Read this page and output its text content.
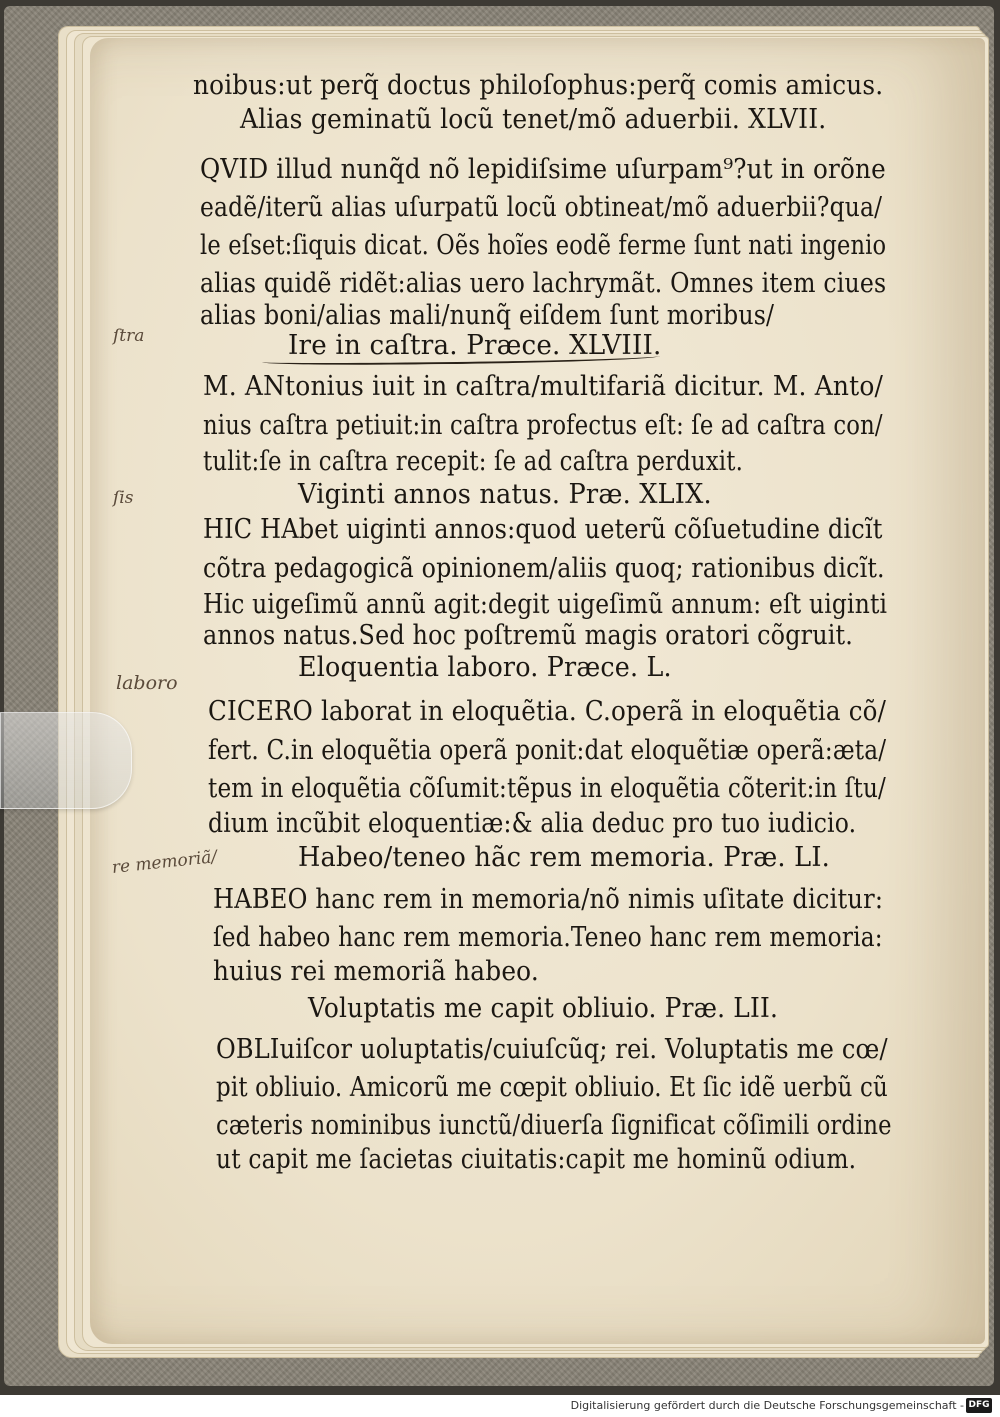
noibus:ut perq̃ doctus philoſophus:perq̃ comis amicus.
Alias geminatũ locũ tenet/mõ aduerbii. XLVII.
QVID illud nunq̃d nõ lepidiſsime uſurpam⁹?ut in orõne
eadẽ/iterũ alias uſurpatũ locũ obtineat/mõ aduerbii?qua/
le eſset:ſiquis dicat. Oẽs hoĩes eodẽ ferme ſunt nati ingenio
alias quidẽ ridẽt:alias uero lachrymãt. Omnes item ciues
alias boni/alias mali/nunq̃ eiſdem ſunt moribus/
Ire in caſtra. Præce. XLVIII.
M. ANtonius iuit in caſtra/multifariã dicitur. M. Anto/
nius caſtra petiuit:in caſtra profectus eſt: ſe ad caſtra con/
tulit:ſe in caſtra recepit: ſe ad caſtra perduxit.
Viginti annos natus. Præ. XLIX.
HIC HAbet uiginti annos:quod ueterũ cõſuetudine dicĩt
cõtra pedagogicã opinionem/aliis quoq; rationibus dicĩt.
Hic uigeſimũ annũ agit:degit uigeſimũ annum: eſt uiginti
annos natus.Sed hoc poſtremũ magis oratori cõgruit.
Eloquentia laboro. Præce. L.
CICERO laborat in eloquẽtia. C.operã in eloquẽtia cõ/
fert. C.in eloquẽtia operã ponit:dat eloquẽtiæ operã:æta/
tem in eloquẽtia cõſumit:tẽpus in eloquẽtia cõterit:in ſtu/
dium incũbit eloquentiæ:& alia deduc pro tuo iudicio.
Habeo/teneo hãc rem memoria. Præ. LI.
HABEO hanc rem in memoria/nõ nimis uſitate dicitur:
ſed habeo hanc rem memoria.Teneo hanc rem memoria:
huius rei memoriã habeo.
Voluptatis me capit obliuio. Præ. LII.
OBLIuiſcor uoluptatis/cuiuſcũq; rei. Voluptatis me cœ/
pit obliuio. Amicorũ me cœpit obliuio. Et ſic idẽ uerbũ cũ
cæteris nominibus iunctũ/diuerſa ſignificat cõſimili ordine
ut capit me ſacietas ciuitatis:capit me hominũ odium.
ſtra
ſis
laboro
re memoriã/
Digitalisierung gefördert durch die Deutsche Forschungsgemeinschaft - DFG
